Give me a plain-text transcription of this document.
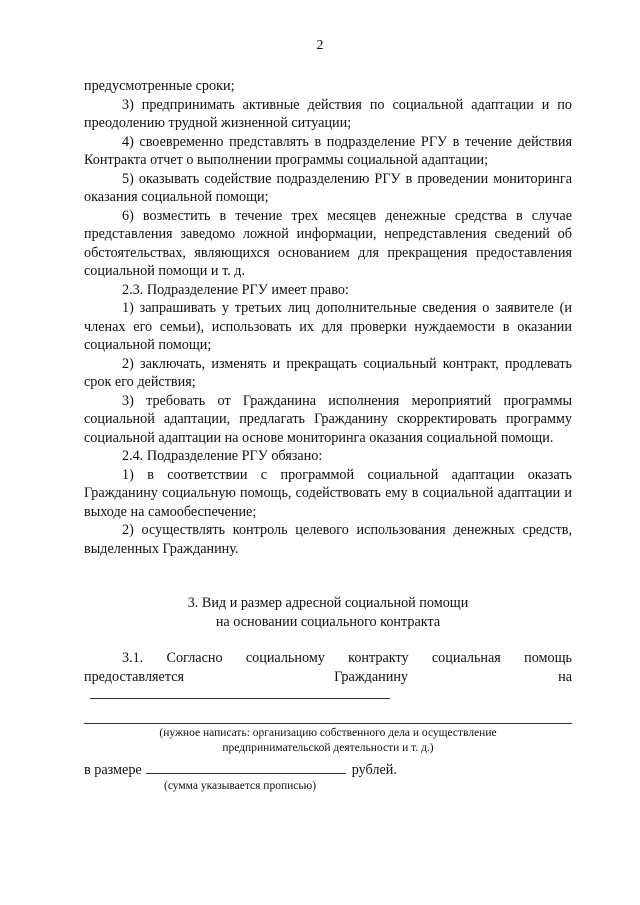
2

предусмотренные сроки;

3) предпринимать активные действия по социальной адаптации и по преодолению трудной жизненной ситуации;

4) своевременно представлять в подразделение РГУ в течение действия Контракта отчет о выполнении программы социальной адаптации;

5) оказывать содействие подразделению РГУ в проведении мониторинга оказания социальной помощи;

6) возместить в течение трех месяцев денежные средства в случае представления заведомо ложной информации, непредставления сведений об обстоятельствах, являющихся основанием для прекращения предоставления социальной помощи и т. д.

2.3. Подразделение РГУ имеет право:

1) запрашивать у третьих лиц дополнительные сведения о заявителе (и членах его семьи), использовать их для проверки нуждаемости в оказании социальной помощи;

2) заключать, изменять и прекращать социальный контракт, продлевать срок его действия;

3) требовать от Гражданина исполнения мероприятий программы социальной адаптации, предлагать Гражданину скорректировать программу социальной адаптации на основе мониторинга оказания социальной помощи.

2.4. Подразделение РГУ обязано:

1) в соответствии с программой социальной адаптации оказать Гражданину социальную помощь, содействовать ему в социальной адаптации и выходе на самообеспечение;

2) осуществлять контроль целевого использования денежных средств, выделенных Гражданину.

3. Вид и размер адресной социальной помощи
на основании социального контракта

3.1. Согласно социальному контракту социальная помощь предоставляется Гражданину на

(нужное написать: организацию собственного дела и осуществление
предпринимательской деятельности и т. д.)

в размере	рублей.

(сумма указывается прописью)
